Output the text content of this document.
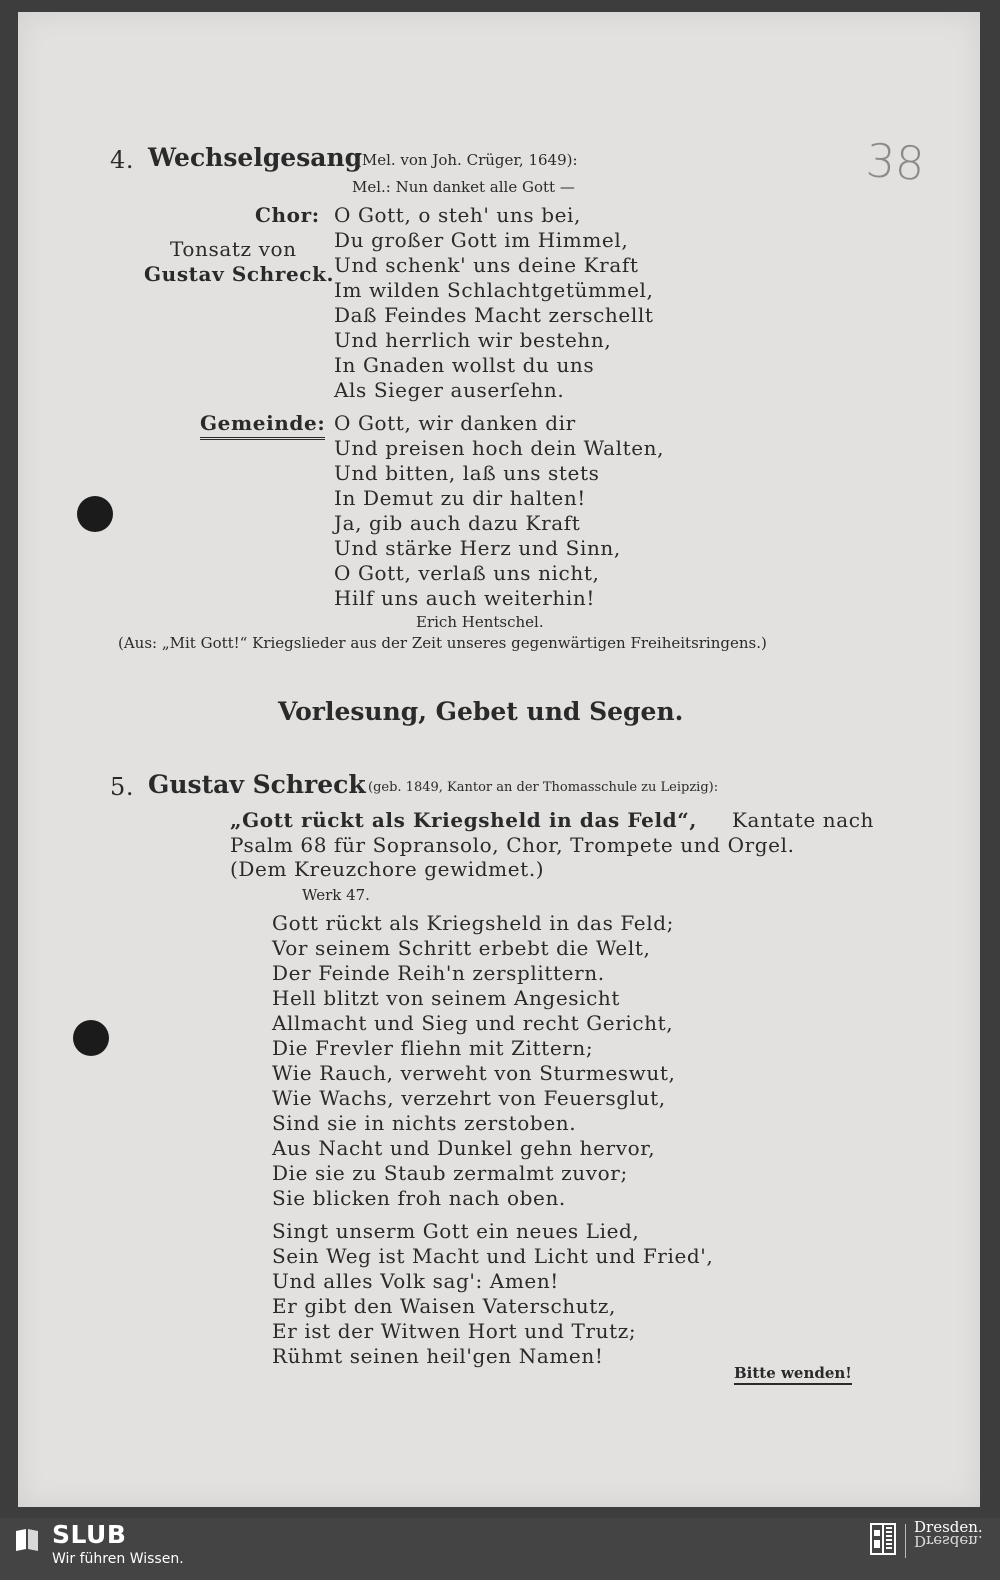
38
4. Wechselgesang
(Mel. von Joh. Crüger, 1649):
Mel.: Nun danket alle Gott —
Chor:
Tonsatz von
Gustav Schreck.
O Gott, o steh' uns bei,
Du großer Gott im Himmel,
Und schenk' uns deine Kraft
Im wilden Schlachtgetümmel,
Daß Feindes Macht zerschellt
Und herrlich wir bestehn,
In Gnaden wollst du uns
Als Sieger auserſehn.
Gemeinde: O Gott, wir danken dir
Und preisen hoch dein Walten,
Und bitten, laß uns stets
In Demut zu dir halten!
Ja, gib auch dazu Kraft
Und stärke Herz und Sinn,
O Gott, verlaß uns nicht,
Hilf uns auch weiterhin!
Erich Hentschel.
(Aus: „Mit Gott!“ Kriegslieder aus der Zeit unseres gegenwärtigen Freiheitsringens.)
Vorlesung, Gebet und Segen.
5. Gustav Schreck (geb. 1849, Kantor an der Thomasschule zu Leipzig):
„Gott rückt als Kriegsheld in das Feld“, Kantate nach
Psalm 68 für Sopransolo, Chor, Trompete und Orgel.
(Dem Kreuzchore gewidmet.)
Werk 47.
Gott rückt als Kriegsheld in das Feld;
Vor seinem Schritt erbebt die Welt,
Der Feinde Reih'n zersplittern.
Hell blitzt von seinem Angesicht
Allmacht und Sieg und recht Gericht,
Die Frevler fliehn mit Zittern;
Wie Rauch, verweht von Sturmeswut,
Wie Wachs, verzehrt von Feuersglut,
Sind sie in nichts zerstoben.
Aus Nacht und Dunkel gehn hervor,
Die sie zu Staub zermalmt zuvor;
Sie blicken froh nach oben.
Singt unserm Gott ein neues Lied,
Sein Weg ist Macht und Licht und Fried',
Und alles Volk sag': Amen!
Er gibt den Waisen Vaterschutz,
Er ist der Witwen Hort und Trutz;
Rühmt seinen heil'gen Namen!
Bitte wenden!
SLUB
Wir führen Wissen.
Dresden.
Dresden.
